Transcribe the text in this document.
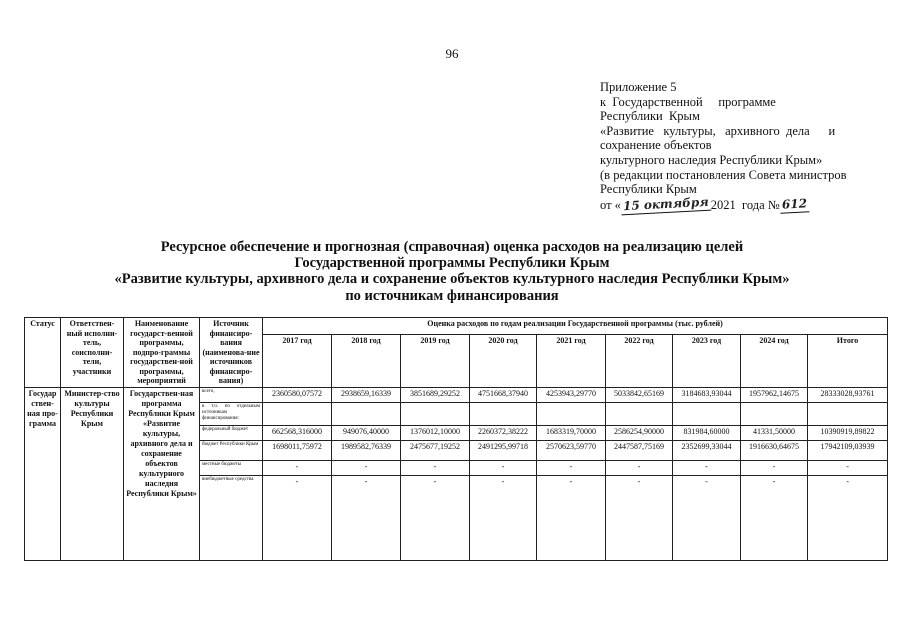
96
Приложение 5
к  Государственной     программе
Республики  Крым
«Развитие   культуры,   архивного  дела      и
сохранение объектов
культурного наследия Республики Крым»
(в редакции постановления Совета министров
Республики Крым
от « 15 октября 2021  года № 612
Ресурсное обеспечение и прогнозная (справочная) оценка расходов на реализацию целей
Государственной программы Республики Крым
«Развитие культуры, архивного дела и сохранение объектов культурного наследия Республики Крым»
по источникам финансирования
Статус	Ответствен-ный исполни-тель, соисполни-тели, участники	Наименование государст-венной программы, подпро-граммы государствен-ной программы, мероприятий	Источник финансиро-вания (наименова-ние источников финансиро-вания)	Оценка расходов по годам реализации Государственной программы (тыс. рублей)								
				2017 год	2018 год	2019 год	2020 год	2021 год	2022 год	2023 год	2024 год	Итого
Государ ствен-ная про-грамма	Министер-ство культуры Республики Крым	Государствен-ная программа Республики Крым «Развитие культуры, архивного дела и сохранение объектов культурного наследия Республики Крым»	всего,	2360580,07572	2938659,16339	3851689,29252	4751668,37940	4253943,29770	5033842,65169	3184683,93044	1957962,14675	28333028,93761
			в т.ч. по отдельным источникам финансирования:									
			федеральный бюджет	662568,316000	949076,40000	1376012,10000	2260372,38222	1683319,70000	2586254,90000	831984,60000	41331,50000	10390919,89822
			бюджет Республики Крым	1698011,75972	1989582,76339	2475677,19252	2491295,99718	2570623,59770	2447587,75169	2352699,33044	1916630,64675	17942109,03939
			местные бюджеты	-	-	-	-	-	-	-	-	-
			внебюджетные средства	-	-	-	-	-	-	-	-	-
